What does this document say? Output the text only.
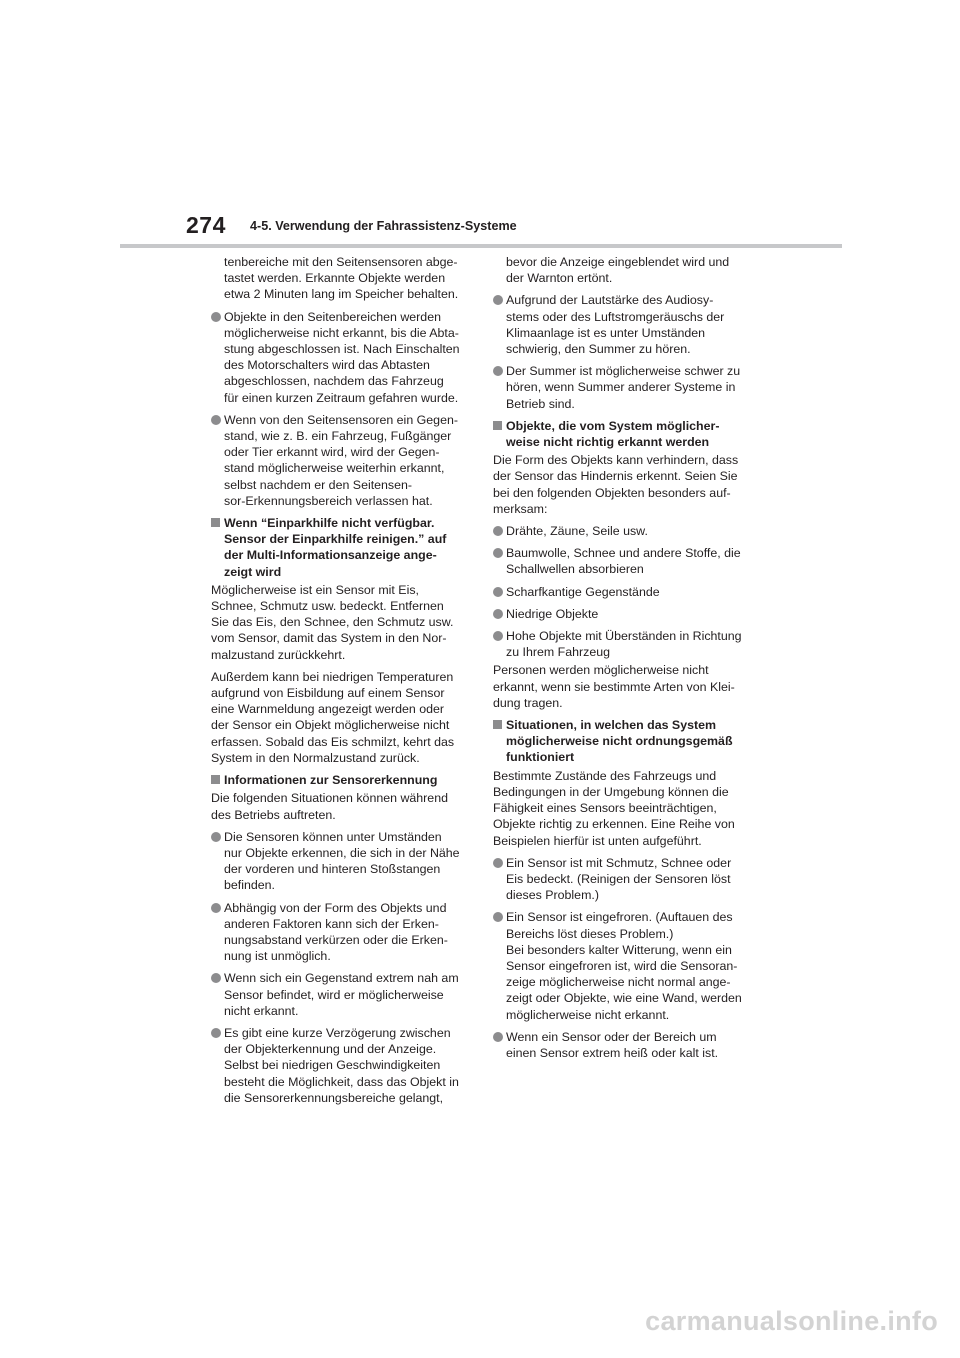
274 4-5. Verwendung der Fahrassistenz-Systeme
tenbereiche mit den Seitensensoren abge-
tastet werden. Erkannte Objekte werden
etwa 2 Minuten lang im Speicher behalten.
Objekte in den Seitenbereichen werden
möglicherweise nicht erkannt, bis die Abta-
stung abgeschlossen ist. Nach Einschalten
des Motorschalters wird das Abtasten
abgeschlossen, nachdem das Fahrzeug
für einen kurzen Zeitraum gefahren wurde.
Wenn von den Seitensensoren ein Gegen-
stand, wie z. B. ein Fahrzeug, Fußgänger
oder Tier erkannt wird, wird der Gegen-
stand möglicherweise weiterhin erkannt,
selbst nachdem er den Seitensen-
sor-Erkennungsbereich verlassen hat.
Wenn “Einparkhilfe nicht verfügbar.
Sensor der Einparkhilfe reinigen.” auf
der Multi-Informationsanzeige ange-
zeigt wird
Möglicherweise ist ein Sensor mit Eis,
Schnee, Schmutz usw. bedeckt. Entfernen
Sie das Eis, den Schnee, den Schmutz usw.
vom Sensor, damit das System in den Nor-
malzustand zurückkehrt.
Außerdem kann bei niedrigen Temperaturen
aufgrund von Eisbildung auf einem Sensor
eine Warnmeldung angezeigt werden oder
der Sensor ein Objekt möglicherweise nicht
erfassen. Sobald das Eis schmilzt, kehrt das
System in den Normalzustand zurück.
Informationen zur Sensorerkennung
Die folgenden Situationen können während
des Betriebs auftreten.
Die Sensoren können unter Umständen
nur Objekte erkennen, die sich in der Nähe
der vorderen und hinteren Stoßstangen
befinden.
Abhängig von der Form des Objekts und
anderen Faktoren kann sich der Erken-
nungsabstand verkürzen oder die Erken-
nung ist unmöglich.
Wenn sich ein Gegenstand extrem nah am
Sensor befindet, wird er möglicherweise
nicht erkannt.
Es gibt eine kurze Verzögerung zwischen
der Objekterkennung und der Anzeige.
Selbst bei niedrigen Geschwindigkeiten
besteht die Möglichkeit, dass das Objekt in
die Sensorerkennungsbereiche gelangt,
bevor die Anzeige eingeblendet wird und
der Warnton ertönt.
Aufgrund der Lautstärke des Audiosy-
stems oder des Luftstromgeräuschs der
Klimaanlage ist es unter Umständen
schwierig, den Summer zu hören.
Der Summer ist möglicherweise schwer zu
hören, wenn Summer anderer Systeme in
Betrieb sind.
Objekte, die vom System möglicher-
weise nicht richtig erkannt werden
Die Form des Objekts kann verhindern, dass
der Sensor das Hindernis erkennt. Seien Sie
bei den folgenden Objekten besonders auf-
merksam:
Drähte, Zäune, Seile usw.
Baumwolle, Schnee und andere Stoffe, die
Schallwellen absorbieren
Scharfkantige Gegenstände
Niedrige Objekte
Hohe Objekte mit Überständen in Richtung
zu Ihrem Fahrzeug
Personen werden möglicherweise nicht
erkannt, wenn sie bestimmte Arten von Klei-
dung tragen.
Situationen, in welchen das System
möglicherweise nicht ordnungsgemäß
funktioniert
Bestimmte Zustände des Fahrzeugs und
Bedingungen in der Umgebung können die
Fähigkeit eines Sensors beeinträchtigen,
Objekte richtig zu erkennen. Eine Reihe von
Beispielen hierfür ist unten aufgeführt.
Ein Sensor ist mit Schmutz, Schnee oder
Eis bedeckt. (Reinigen der Sensoren löst
dieses Problem.)
Ein Sensor ist eingefroren. (Auftauen des
Bereichs löst dieses Problem.)
Bei besonders kalter Witterung, wenn ein
Sensor eingefroren ist, wird die Sensoran-
zeige möglicherweise nicht normal ange-
zeigt oder Objekte, wie eine Wand, werden
möglicherweise nicht erkannt.
Wenn ein Sensor oder der Bereich um
einen Sensor extrem heiß oder kalt ist.
carmanualsonline.info
